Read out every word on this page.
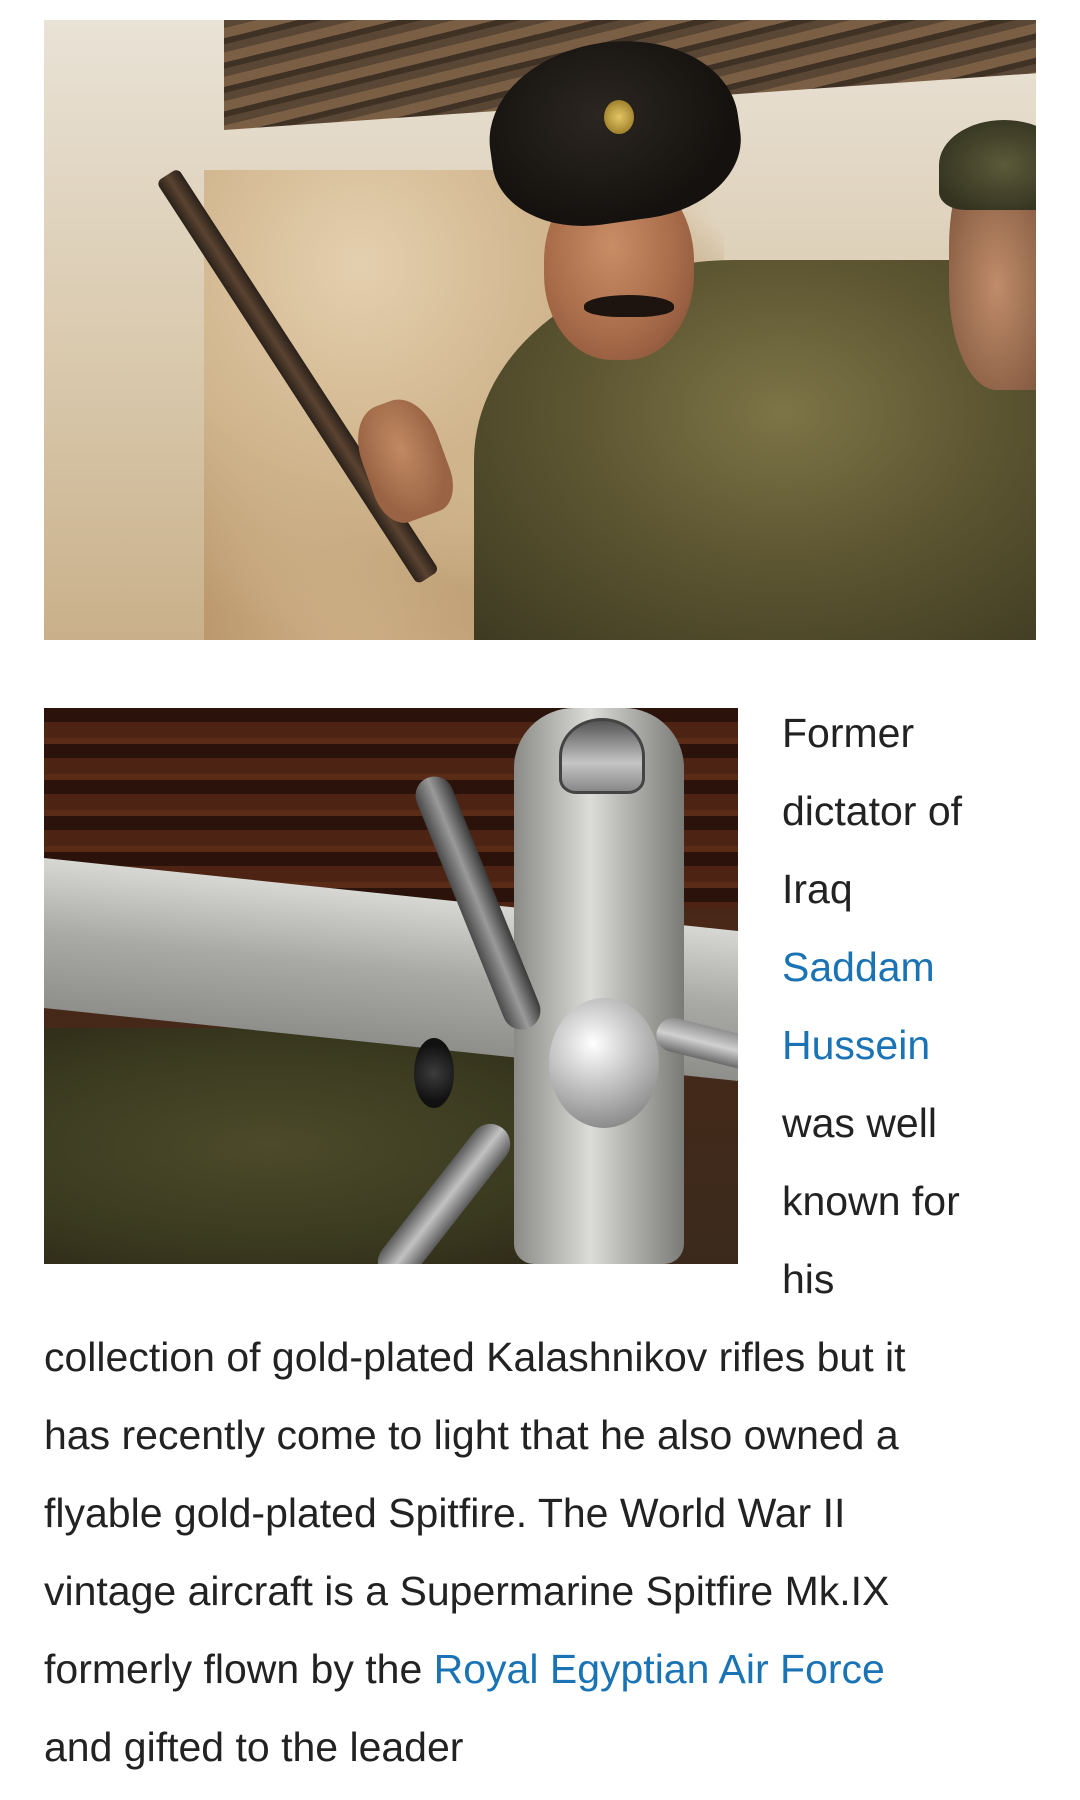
Former
dictator of
Iraq
Saddam
Hussein
was well
known for
his
collection of gold-plated Kalashnikov rifles but it
has recently come to light that he also owned a
flyable gold-plated Spitfire. The World War II
vintage aircraft is a Supermarine Spitfire Mk.IX
formerly flown by the Royal Egyptian Air Force
and gifted to the leader
